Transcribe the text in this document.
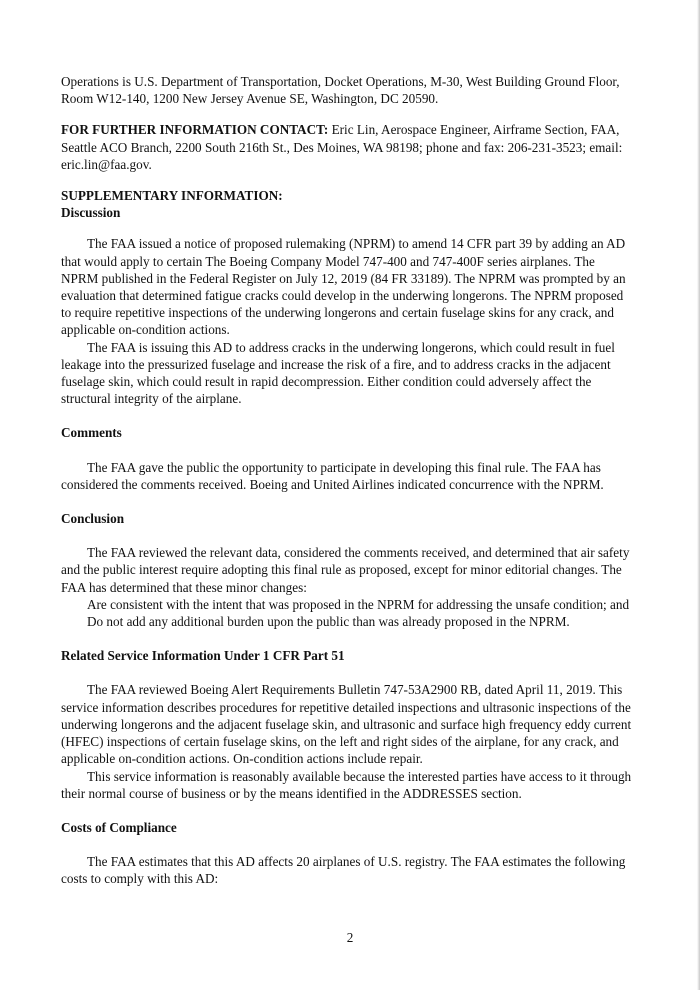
Operations is U.S. Department of Transportation, Docket Operations, M-30, West Building Ground Floor, Room W12-140, 1200 New Jersey Avenue SE, Washington, DC 20590.

FOR FURTHER INFORMATION CONTACT: Eric Lin, Aerospace Engineer, Airframe Section, FAA, Seattle ACO Branch, 2200 South 216th St., Des Moines, WA 98198; phone and fax: 206-231-3523; email: eric.lin@faa.gov.

SUPPLEMENTARY INFORMATION:

Discussion

The FAA issued a notice of proposed rulemaking (NPRM) to amend 14 CFR part 39 by adding an AD that would apply to certain The Boeing Company Model 747-400 and 747-400F series airplanes. The NPRM published in the Federal Register on July 12, 2019 (84 FR 33189). The NPRM was prompted by an evaluation that determined fatigue cracks could develop in the underwing longerons. The NPRM proposed to require repetitive inspections of the underwing longerons and certain fuselage skins for any crack, and applicable on-condition actions.

The FAA is issuing this AD to address cracks in the underwing longerons, which could result in fuel leakage into the pressurized fuselage and increase the risk of a fire, and to address cracks in the adjacent fuselage skin, which could result in rapid decompression. Either condition could adversely affect the structural integrity of the airplane.

Comments

The FAA gave the public the opportunity to participate in developing this final rule. The FAA has considered the comments received. Boeing and United Airlines indicated concurrence with the NPRM.

Conclusion

The FAA reviewed the relevant data, considered the comments received, and determined that air safety and the public interest require adopting this final rule as proposed, except for minor editorial changes. The FAA has determined that these minor changes:

Are consistent with the intent that was proposed in the NPRM for addressing the unsafe condition; and

Do not add any additional burden upon the public than was already proposed in the NPRM.

Related Service Information Under 1 CFR Part 51

The FAA reviewed Boeing Alert Requirements Bulletin 747-53A2900 RB, dated April 11, 2019. This service information describes procedures for repetitive detailed inspections and ultrasonic inspections of the underwing longerons and the adjacent fuselage skin, and ultrasonic and surface high frequency eddy current (HFEC) inspections of certain fuselage skins, on the left and right sides of the airplane, for any crack, and applicable on-condition actions. On-condition actions include repair.

This service information is reasonably available because the interested parties have access to it through their normal course of business or by the means identified in the ADDRESSES section.

Costs of Compliance

The FAA estimates that this AD affects 20 airplanes of U.S. registry. The FAA estimates the following costs to comply with this AD:

2
